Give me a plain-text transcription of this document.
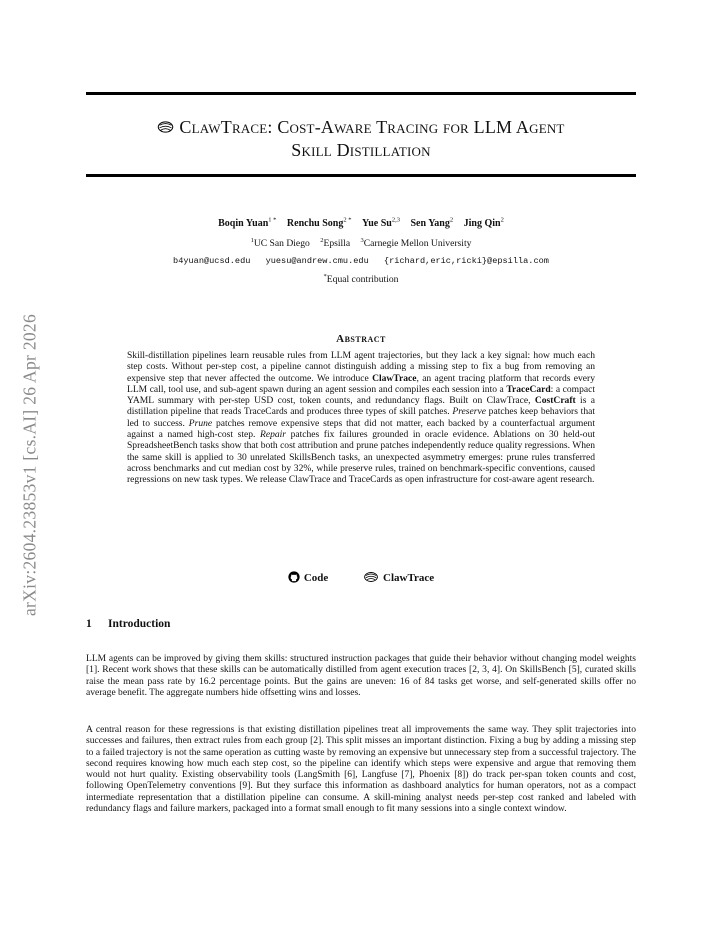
arXiv:2604.23853v1 [cs.AI] 26 Apr 2026
ClawTrace: Cost-Aware Tracing for LLM Agent
Skill Distillation
Boqin Yuan$^{1 *}$ Renchu Song$^{2 *}$ Yue Su$^{2,3}$ Sen Yang$^2$ Jing Qin$^2$
$^1$UC San Diego $^2$Epsilla $^3$Carnegie Mellon University
b4yuan@ucsd.edu yuesu@andrew.cmu.edu {richard,eric,ricki}@epsilla.com
*Equal contribution
Abstract
Skill-distillation pipelines learn reusable rules from LLM agent trajectories, but they lack a key signal: how much each step costs. Without per-step cost, a pipeline cannot distinguish adding a missing step to fix a bug from removing an expensive step that never affected the outcome. We introduce ClawTrace, an agent tracing platform that records every LLM call, tool use, and sub-agent spawn during an agent session and compiles each session into a TraceCard: a compact YAML summary with per-step USD cost, token counts, and redundancy flags. Built on ClawTrace, CostCraft is a distillation pipeline that reads TraceCards and produces three types of skill patches. Preserve patches keep behaviors that led to success. Prune patches remove expensive steps that did not matter, each backed by a counterfactual argument against a named high-cost step. Repair patches fix failures grounded in oracle evidence. Ablations on 30 held-out SpreadsheetBench tasks show that both cost attribution and prune patches independently reduce quality regressions. When the same skill is applied to 30 unrelated SkillsBench tasks, an unexpected asymmetry emerges: prune rules transferred across benchmarks and cut median cost by 32%, while preserve rules, trained on benchmark-specific conventions, caused regressions on new task types. We release ClawTrace and TraceCards as open infrastructure for cost-aware agent research.
Code	ClawTrace
1 Introduction

LLM agents can be improved by giving them skills: structured instruction packages that guide their behavior without changing model weights [1]. Recent work shows that these skills can be automatically distilled from agent execution traces [2, 3, 4]. On SkillsBench [5], curated skills raise the mean pass rate by 16.2 percentage points. But the gains are uneven: 16 of 84 tasks get worse, and self-generated skills offer no average benefit. The aggregate numbers hide offsetting wins and losses.

A central reason for these regressions is that existing distillation pipelines treat all improvements the same way. They split trajectories into successes and failures, then extract rules from each group [2]. This split misses an important distinction. Fixing a bug by adding a missing step to a failed trajectory is not the same operation as cutting waste by removing an expensive but unnecessary step from a successful trajectory. The second requires knowing how much each step cost, so the pipeline can identify which steps were expensive and argue that removing them would not hurt quality. Existing observability tools (LangSmith [6], Langfuse [7], Phoenix [8]) do track per-span token counts and cost, following OpenTelemetry conventions [9]. But they surface this information as dashboard analytics for human operators, not as a compact intermediate representation that a distillation pipeline can consume. A skill-mining analyst needs per-step cost ranked and labeled with redundancy flags and failure markers, packaged into a format small enough to fit many sessions into a single context window.
